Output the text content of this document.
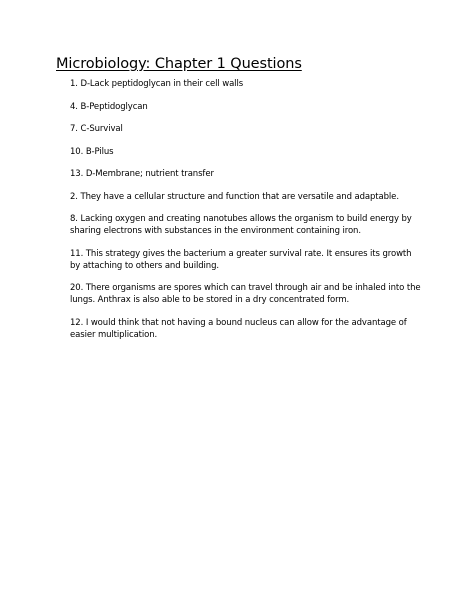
Microbiology: Chapter 1 Questions
1. D-Lack peptidoglycan in their cell walls
4. B-Peptidoglycan
7. C-Survival
10. B-Pilus
13. D-Membrane; nutrient transfer
2. They have a cellular structure and function that are versatile and adaptable.
8. Lacking oxygen and creating nanotubes allows the organism to build energy by
sharing electrons with substances in the environment containing iron.
11. This strategy gives the bacterium a greater survival rate. It ensures its growth
by attaching to others and building.
20. There organisms are spores which can travel through air and be inhaled into the
lungs. Anthrax is also able to be stored in a dry concentrated form.
12. I would think that not having a bound nucleus can allow for the advantage of
easier multiplication.
